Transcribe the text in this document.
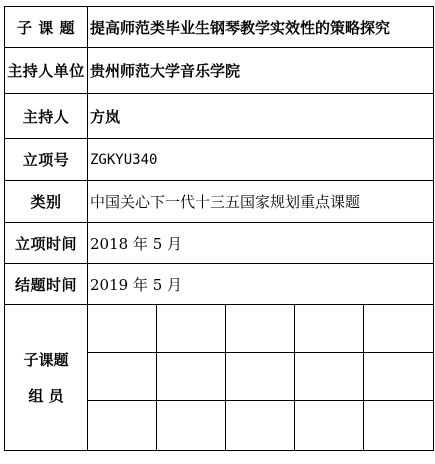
子 课 题	提高师范类毕业生钢琴教学实效性的策略探究				
主持人单位	贵州师范大学音乐学院				
主持人	方岚				
立项号	ZGKYU340				
类别	中国关心下一代十三五国家规划重点课题				
立项时间	2018 年 5 月				
结题时间	2019 年 5 月				

子课题
组 员					
